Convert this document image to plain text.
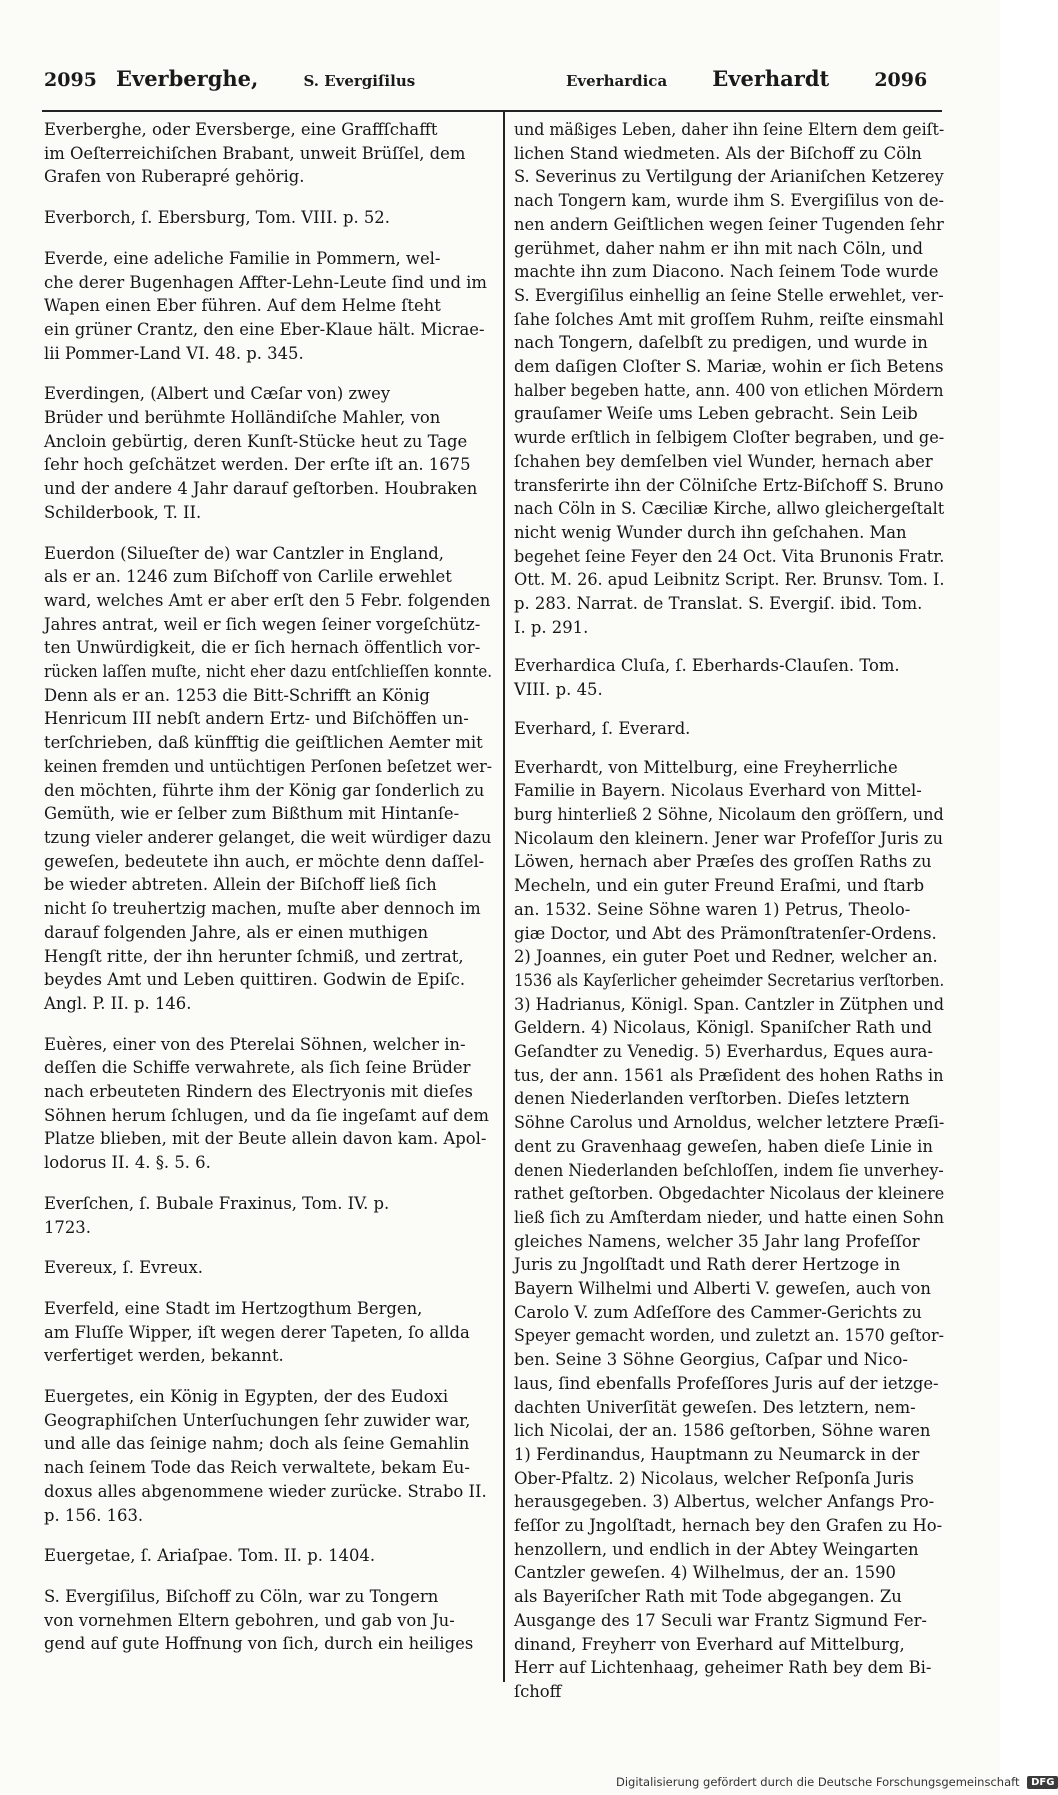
2095 Everberghe,	S. Evergiſilus	Everhardica Everhardt 2096
Everberghe, oder Eversberge, eine Graffſchafft
im Oeſterreichiſchen Brabant, unweit Brüſſel, dem
Grafen von Ruberapré gehörig.
Everborch, ſ. Ebersburg, Tom. VIII. p. 52.
Everde, eine adeliche Familie in Pommern, wel-
che derer Bugenhagen Affter-Lehn-Leute ſind und im
Wapen einen Eber führen. Auf dem Helme ſteht
ein grüner Crantz, den eine Eber-Klaue hält. Micrae-
lii Pommer-Land VI. 48. p. 345.
Everdingen, (Albert und Cæſar von) zwey
Brüder und berühmte Holländiſche Mahler, von
Ancloin gebürtig, deren Kunſt-Stücke heut zu Tage
ſehr hoch geſchätzet werden. Der erſte iſt an. 1675
und der andere 4 Jahr darauf geſtorben. Houbraken
Schilderbook, T. II.
Euerdon (Silueſter de) war Cantzler in England,
als er an. 1246 zum Biſchoff von Carlile erwehlet
ward, welches Amt er aber erſt den 5 Febr. folgenden
Jahres antrat, weil er ſich wegen ſeiner vorgeſchütz-
ten Unwürdigkeit, die er ſich hernach öffentlich vor-
rücken laſſen muſte, nicht eher dazu entſchlieſſen konnte.
Denn als er an. 1253 die Bitt-Schrifft an König
Henricum III nebſt andern Ertz- und Biſchöffen un-
terſchrieben, daß künfftig die geiſtlichen Aemter mit
keinen fremden und untüchtigen Perſonen beſetzet wer-
den möchten, führte ihm der König gar ſonderlich zu
Gemüth, wie er ſelber zum Bißthum mit Hintanſe-
tzung vieler anderer gelanget, die weit würdiger dazu
geweſen, bedeutete ihn auch, er möchte denn daſſel-
be wieder abtreten. Allein der Biſchoff ließ ſich
nicht ſo treuhertzig machen, muſte aber dennoch im
darauf folgenden Jahre, als er einen muthigen
Hengſt ritte, der ihn herunter ſchmiß, und zertrat,
beydes Amt und Leben quittiren. Godwin de Epiſc.
Angl. P. II. p. 146.
Euères, einer von des Pterelai Söhnen, welcher in-
deſſen die Schiffe verwahrete, als ſich ſeine Brüder
nach erbeuteten Rindern des Electryonis mit dieſes
Söhnen herum ſchlugen, und da ſie ingeſamt auf dem
Platze blieben, mit der Beute allein davon kam. Apol-
lodorus II. 4. §. 5. 6.
Everſchen, ſ. Bubale Fraxinus, Tom. IV. p.
1723.
Evereux, ſ. Evreux.
Everfeld, eine Stadt im Hertzogthum Bergen,
am Fluſſe Wipper, iſt wegen derer Tapeten, ſo allda
verfertiget werden, bekannt.
Euergetes, ein König in Egypten, der des Eudoxi
Geographiſchen Unterſuchungen ſehr zuwider war,
und alle das ſeinige nahm; doch als ſeine Gemahlin
nach ſeinem Tode das Reich verwaltete, bekam Eu-
doxus alles abgenommene wieder zurücke. Strabo II.
p. 156. 163.
Euergetae, ſ. Ariaſpae. Tom. II. p. 1404.
S. Evergiſilus, Biſchoff zu Cöln, war zu Tongern
von vornehmen Eltern gebohren, und gab von Ju-
gend auf gute Hoffnung von ſich, durch ein heiliges
und mäßiges Leben, daher ihn ſeine Eltern dem geiſt-
lichen Stand wiedmeten. Als der Biſchoff zu Cöln
S. Severinus zu Vertilgung der Arianiſchen Ketzerey
nach Tongern kam, wurde ihm S. Evergiſilus von de-
nen andern Geiſtlichen wegen ſeiner Tugenden ſehr
gerühmet, daher nahm er ihn mit nach Cöln, und
machte ihn zum Diacono. Nach ſeinem Tode wurde
S. Evergiſilus einhellig an ſeine Stelle erwehlet, ver-
ſahe ſolches Amt mit groſſem Ruhm, reiſte einsmahl
nach Tongern, daſelbſt zu predigen, und wurde in
dem daſigen Cloſter S. Mariæ, wohin er ſich Betens
halber begeben hatte, ann. 400 von etlichen Mördern
grauſamer Weiſe ums Leben gebracht. Sein Leib
wurde erſtlich in ſelbigem Cloſter begraben, und ge-
ſchahen bey demſelben viel Wunder, hernach aber
transferirte ihn der Cölniſche Ertz-Biſchoff S. Bruno
nach Cöln in S. Cæciliæ Kirche, allwo gleichergeſtalt
nicht wenig Wunder durch ihn geſchahen. Man
begehet ſeine Feyer den 24 Oct. Vita Brunonis Fratr.
Ott. M. 26. apud Leibnitz Script. Rer. Brunsv. Tom. I.
p. 283. Narrat. de Translat. S. Evergiſ. ibid. Tom.
I. p. 291.
Everhardica Cluſa, ſ. Eberhards-Clauſen. Tom.
VIII. p. 45.
Everhard, ſ. Everard.
Everhardt, von Mittelburg, eine Freyherrliche
Familie in Bayern. Nicolaus Everhard von Mittel-
burg hinterließ 2 Söhne, Nicolaum den gröſſern, und
Nicolaum den kleinern. Jener war Profeſſor Juris zu
Löwen, hernach aber Præſes des groſſen Raths zu
Mecheln, und ein guter Freund Eraſmi, und ſtarb
an. 1532. Seine Söhne waren 1) Petrus, Theolo-
giæ Doctor, und Abt des Prämonſtratenſer-Ordens.
2) Joannes, ein guter Poet und Redner, welcher an.
1536 als Kayſerlicher geheimder Secretarius verſtorben.
3) Hadrianus, Königl. Span. Cantzler in Zütphen und
Geldern. 4) Nicolaus, Königl. Spaniſcher Rath und
Geſandter zu Venedig. 5) Everhardus, Eques aura-
tus, der ann. 1561 als Præſident des hohen Raths in
denen Niederlanden verſtorben. Dieſes letztern
Söhne Carolus und Arnoldus, welcher letztere Præſi-
dent zu Gravenhaag geweſen, haben dieſe Linie in
denen Niederlanden beſchloſſen, indem ſie unverhey-
rathet geſtorben. Obgedachter Nicolaus der kleinere
ließ ſich zu Amſterdam nieder, und hatte einen Sohn
gleiches Namens, welcher 35 Jahr lang Profeſſor
Juris zu Jngolſtadt und Rath derer Hertzoge in
Bayern Wilhelmi und Alberti V. geweſen, auch von
Carolo V. zum Adſeſſore des Cammer-Gerichts zu
Speyer gemacht worden, und zuletzt an. 1570 geſtor-
ben. Seine 3 Söhne Georgius, Caſpar und Nico-
laus, ſind ebenfalls Profeſſores Juris auf der ietzge-
dachten Univerſität geweſen. Des letztern, nem-
lich Nicolai, der an. 1586 geſtorben, Söhne waren
1) Ferdinandus, Hauptmann zu Neumarck in der
Ober-Pfaltz. 2) Nicolaus, welcher Reſponſa Juris
herausgegeben. 3) Albertus, welcher Anfangs Pro-
feſſor zu Jngolſtadt, hernach bey den Grafen zu Ho-
henzollern, und endlich in der Abtey Weingarten
Cantzler geweſen. 4) Wilhelmus, der an. 1590
als Bayeriſcher Rath mit Tode abgegangen. Zu
Ausgange des 17 Seculi war Frantz Sigmund Fer-
dinand, Freyherr von Everhard auf Mittelburg,
Herr auf Lichtenhaag, geheimer Rath bey dem Bi-
ſchoff
Digitalisierung gefördert durch die Deutsche Forschungsgemeinschaft DFG
